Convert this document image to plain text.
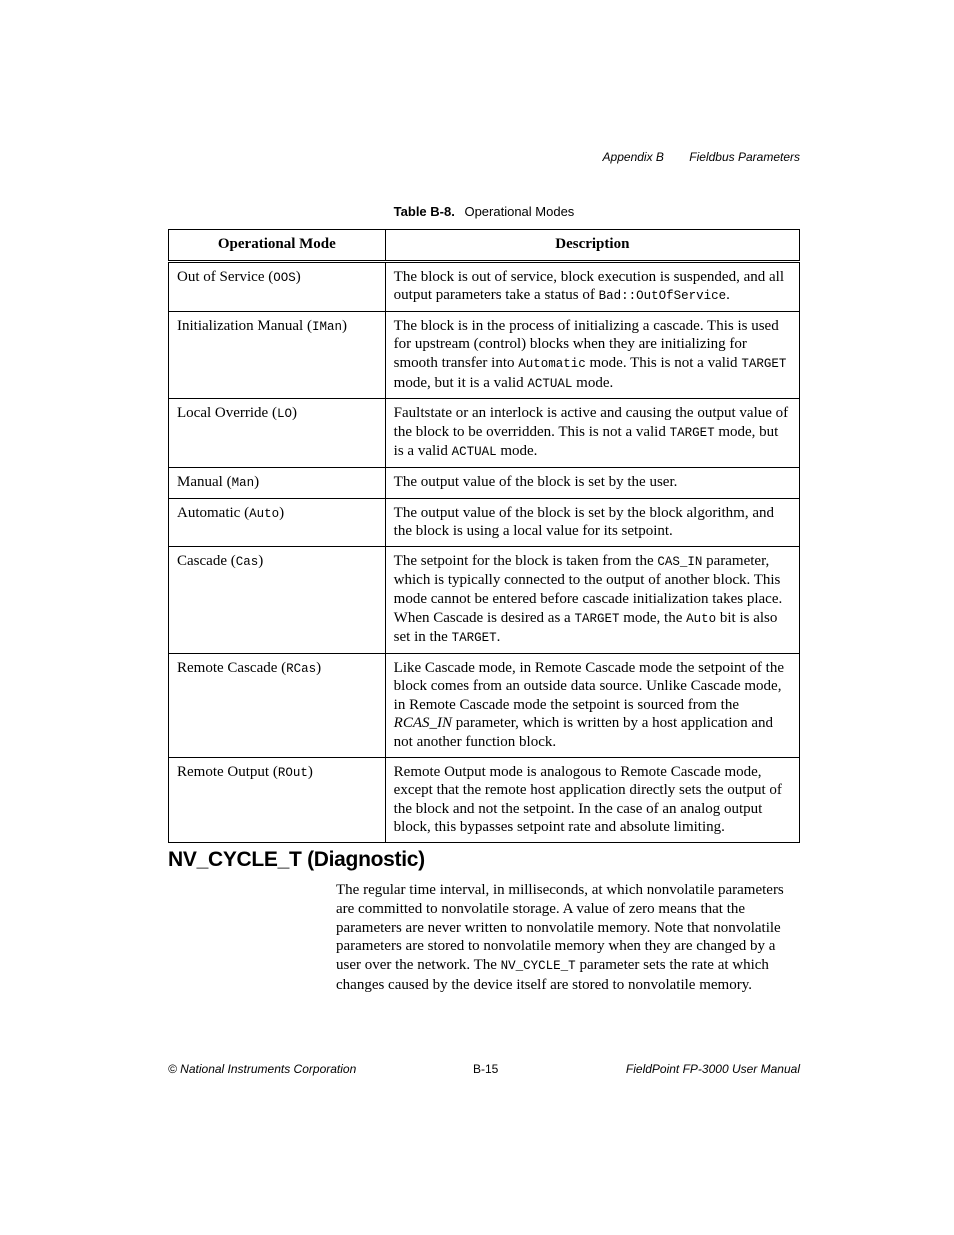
Appendix B Fieldbus Parameters
Table B-8. Operational Modes
Operational Mode	Description
Out of Service (OOS)	The block is out of service, block execution is suspended, and all output parameters take a status of Bad::OutOfService.
Initialization Manual (IMan)	The block is in the process of initializing a cascade. This is used for upstream (control) blocks when they are initializing for smooth transfer into Automatic mode. This is not a valid TARGET mode, but it is a valid ACTUAL mode.
Local Override (LO)	Faultstate or an interlock is active and causing the output value of the block to be overridden. This is not a valid TARGET mode, but is a valid ACTUAL mode.
Manual (Man)	The output value of the block is set by the user.
Automatic (Auto)	The output value of the block is set by the block algorithm, and the block is using a local value for its setpoint.
Cascade (Cas)	The setpoint for the block is taken from the CAS_IN parameter, which is typically connected to the output of another block. This mode cannot be entered before cascade initialization takes place. When Cascade is desired as a TARGET mode, the Auto bit is also set in the TARGET.
Remote Cascade (RCas)	Like Cascade mode, in Remote Cascade mode the setpoint of the block comes from an outside data source. Unlike Cascade mode, in Remote Cascade mode the setpoint is sourced from the RCAS_IN parameter, which is written by a host application and not another function block.
Remote Output (ROut)	Remote Output mode is analogous to Remote Cascade mode, except that the remote host application directly sets the output of the block and not the setpoint. In the case of an analog output block, this bypasses setpoint rate and absolute limiting.
NV_CYCLE_T (Diagnostic)

The regular time interval, in milliseconds, at which nonvolatile parameters are committed to nonvolatile storage. A value of zero means that the parameters are never written to nonvolatile memory. Note that nonvolatile parameters are stored to nonvolatile memory when they are changed by a user over the network. The NV_CYCLE_T parameter sets the rate at which changes caused by the device itself are stored to nonvolatile memory.

© National Instruments Corporation	B-15	FieldPoint FP-3000 User Manual
